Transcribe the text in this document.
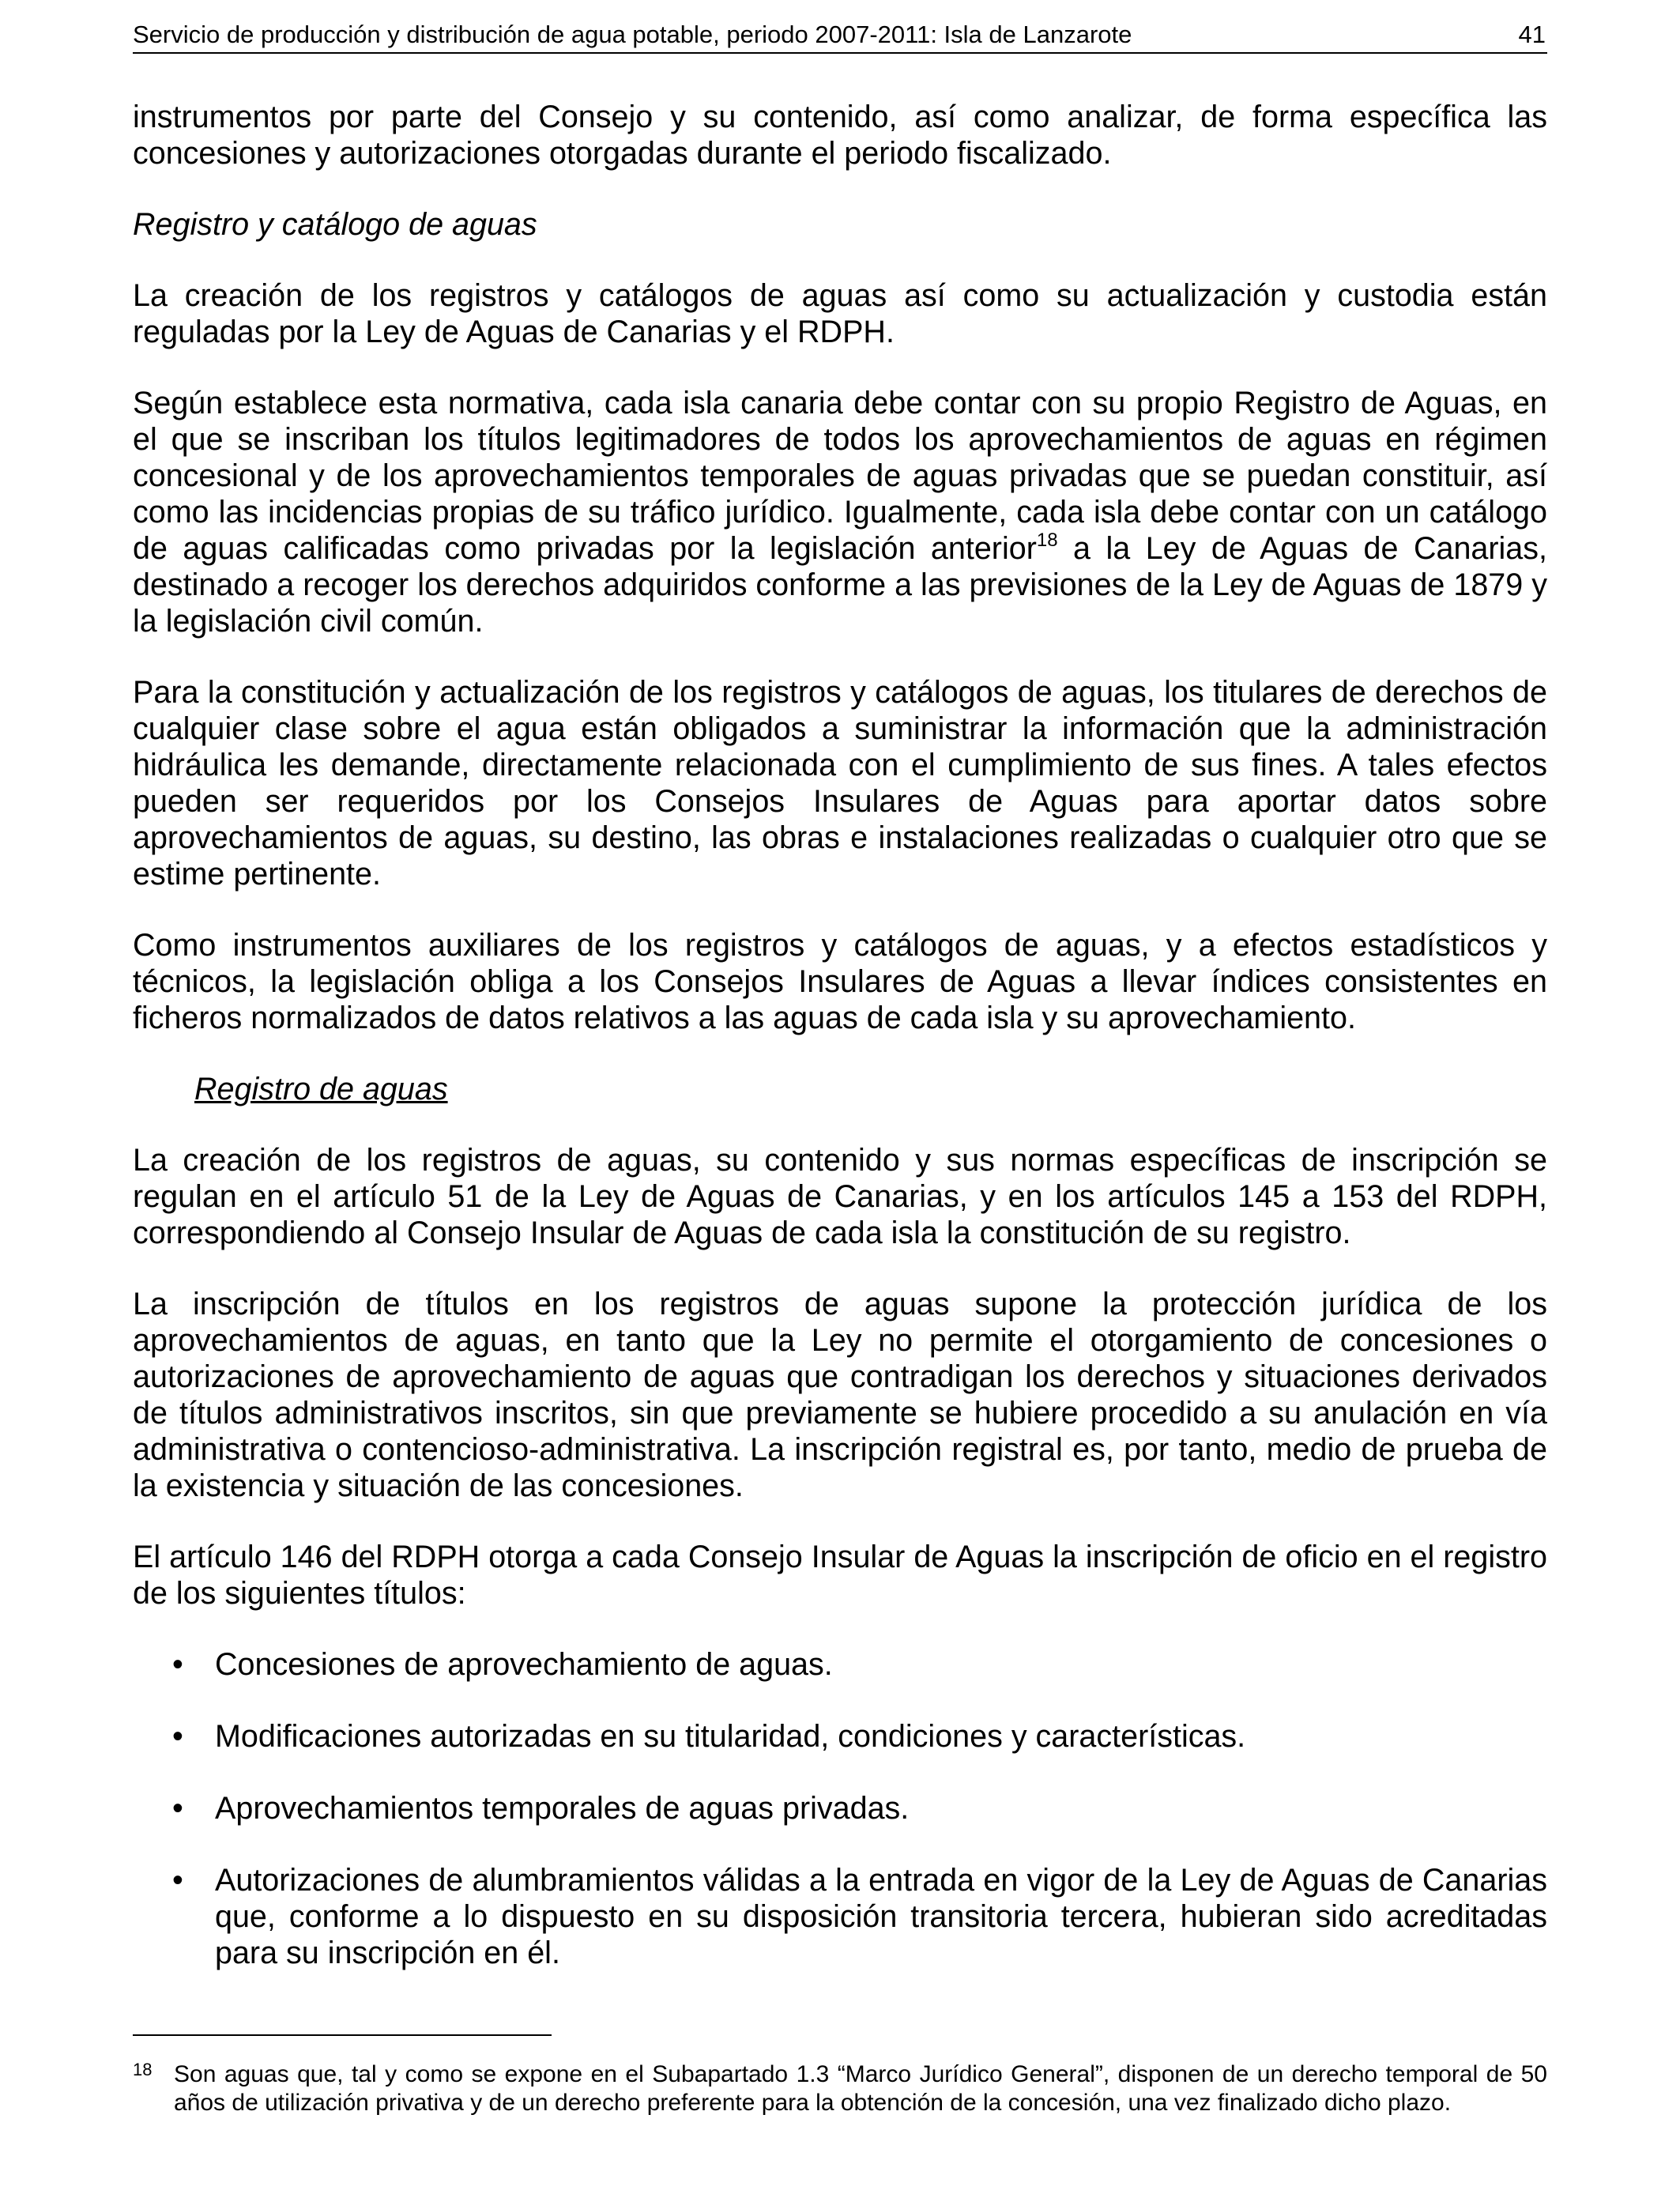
Servicio de producción y distribución de agua potable, periodo 2007-2011: Isla de Lanzarote	41

instrumentos por parte del Consejo y su contenido, así como analizar, de forma específica las concesiones y autorizaciones otorgadas durante el periodo fiscalizado.

Registro y catálogo de aguas

La creación de los registros y catálogos de aguas así como su actualización y custodia están reguladas por la Ley de Aguas de Canarias y el RDPH.

Según establece esta normativa, cada isla canaria debe contar con su propio Registro de Aguas, en el que se inscriban los títulos legitimadores de todos los aprovechamientos de aguas en régimen concesional y de los aprovechamientos temporales de aguas privadas que se puedan constituir, así como las incidencias propias de su tráfico jurídico. Igualmente, cada isla debe contar con un catálogo de aguas calificadas como privadas por la legislación anterior$^{18}$ a la Ley de Aguas de Canarias, destinado a recoger los derechos adquiridos conforme a las previsiones de la Ley de Aguas de 1879 y la legislación civil común.

Para la constitución y actualización de los registros y catálogos de aguas, los titulares de derechos de cualquier clase sobre el agua están obligados a suministrar la información que la administración hidráulica les demande, directamente relacionada con el cumplimiento de sus fines. A tales efectos pueden ser requeridos por los Consejos Insulares de Aguas para aportar datos sobre aprovechamientos de aguas, su destino, las obras e instalaciones realizadas o cualquier otro que se estime pertinente.

Como instrumentos auxiliares de los registros y catálogos de aguas, y a efectos estadísticos y técnicos, la legislación obliga a los Consejos Insulares de Aguas a llevar índices consistentes en ficheros normalizados de datos relativos a las aguas de cada isla y su aprovechamiento.

Registro de aguas

La creación de los registros de aguas, su contenido y sus normas específicas de inscripción se regulan en el artículo 51 de la Ley de Aguas de Canarias, y en los artículos 145 a 153 del RDPH, correspondiendo al Consejo Insular de Aguas de cada isla la constitución de su registro.

La inscripción de títulos en los registros de aguas supone la protección jurídica de los aprovechamientos de aguas, en tanto que la Ley no permite el otorgamiento de concesiones o autorizaciones de aprovechamiento de aguas que contradigan los derechos y situaciones derivados de títulos administrativos inscritos, sin que previamente se hubiere procedido a su anulación en vía administrativa o contencioso-administrativa. La inscripción registral es, por tanto, medio de prueba de la existencia y situación de las concesiones.

El artículo 146 del RDPH otorga a cada Consejo Insular de Aguas la inscripción de oficio en el registro de los siguientes títulos:

• Concesiones de aprovechamiento de aguas.
• Modificaciones autorizadas en su titularidad, condiciones y características.
• Aprovechamientos temporales de aguas privadas.
• Autorizaciones de alumbramientos válidas a la entrada en vigor de la Ley de Aguas de Canarias que, conforme a lo dispuesto en su disposición transitoria tercera, hubieran sido acreditadas para su inscripción en él.
18 Son aguas que, tal y como se expone en el Subapartado 1.3 “Marco Jurídico General”, disponen de un derecho temporal de 50 años de utilización privativa y de un derecho preferente para la obtención de la concesión, una vez finalizado dicho plazo.
